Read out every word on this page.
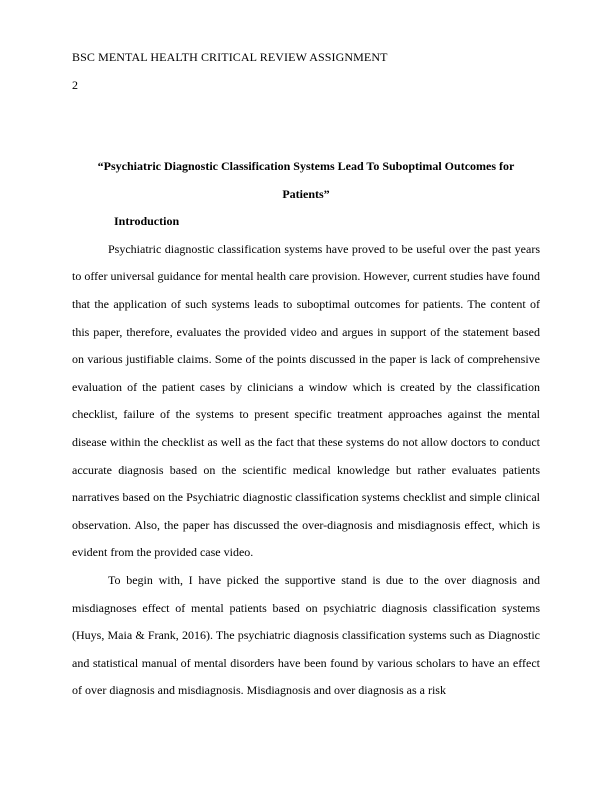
BSC MENTAL HEALTH CRITICAL REVIEW ASSIGNMENT
2

“Psychiatric Diagnostic Classification Systems Lead To Suboptimal Outcomes for
Patients”

Introduction

Psychiatric diagnostic classification systems have proved to be useful over the past years to offer universal guidance for mental health care provision. However, current studies have found that the application of such systems leads to suboptimal outcomes for patients. The content of this paper, therefore, evaluates the provided video and argues in support of the statement based on various justifiable claims. Some of the points discussed in the paper is lack of comprehensive evaluation of the patient cases by clinicians a window which is created by the classification checklist, failure of the systems to present specific treatment approaches against the mental disease within the checklist as well as the fact that these systems do not allow doctors to conduct accurate diagnosis based on the scientific medical knowledge but rather evaluates patients narratives based on the Psychiatric diagnostic classification systems checklist and simple clinical observation. Also, the paper has discussed the over-diagnosis and misdiagnosis effect, which is evident from the provided case video.

To begin with, I have picked the supportive stand is due to the over diagnosis and misdiagnoses effect of mental patients based on psychiatric diagnosis classification systems (Huys, Maia & Frank, 2016). The psychiatric diagnosis classification systems such as Diagnostic and statistical manual of mental disorders have been found by various scholars to have an effect of over diagnosis and misdiagnosis. Misdiagnosis and over diagnosis as a risk
